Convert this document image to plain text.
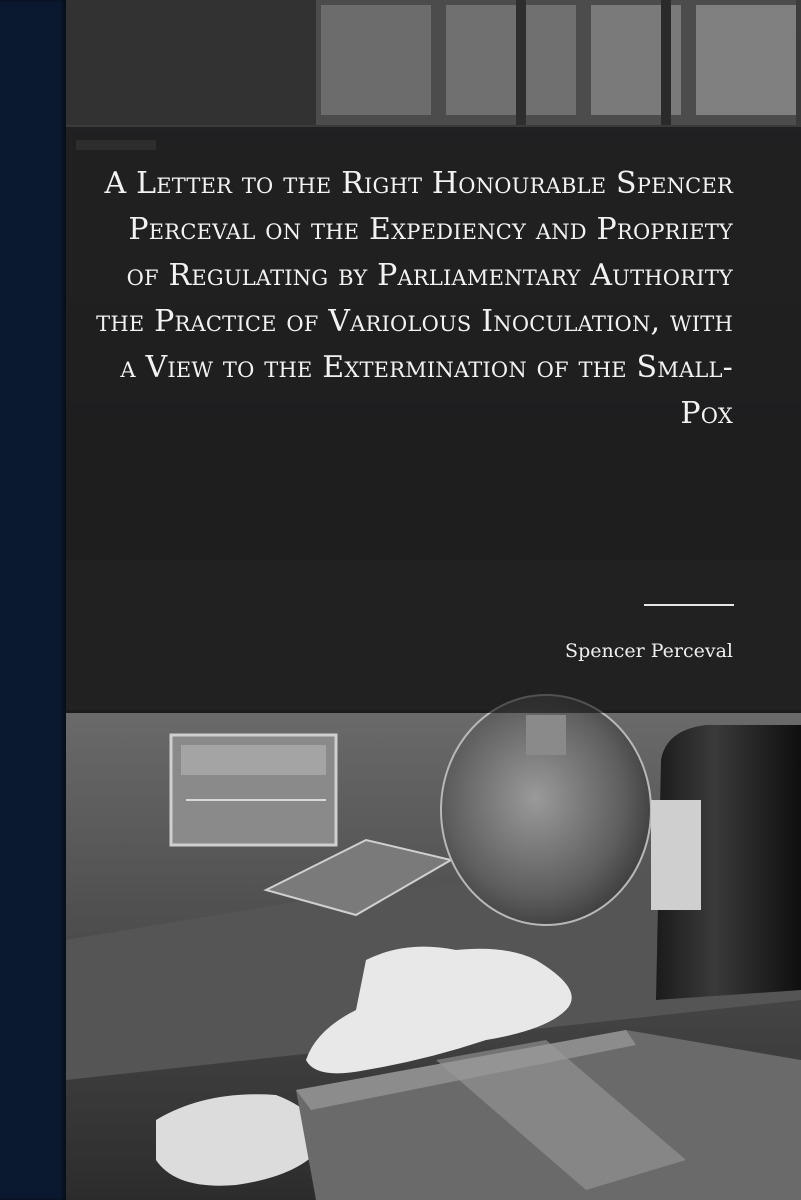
A Letter to the Right Honourable Spencer Perceval on the Expediency and Propriety of Regulating by Parliamentary Authority the Practice of Variolous Inoculation, with a View to the Extermination of the Small-Pox

Spencer Perceval
